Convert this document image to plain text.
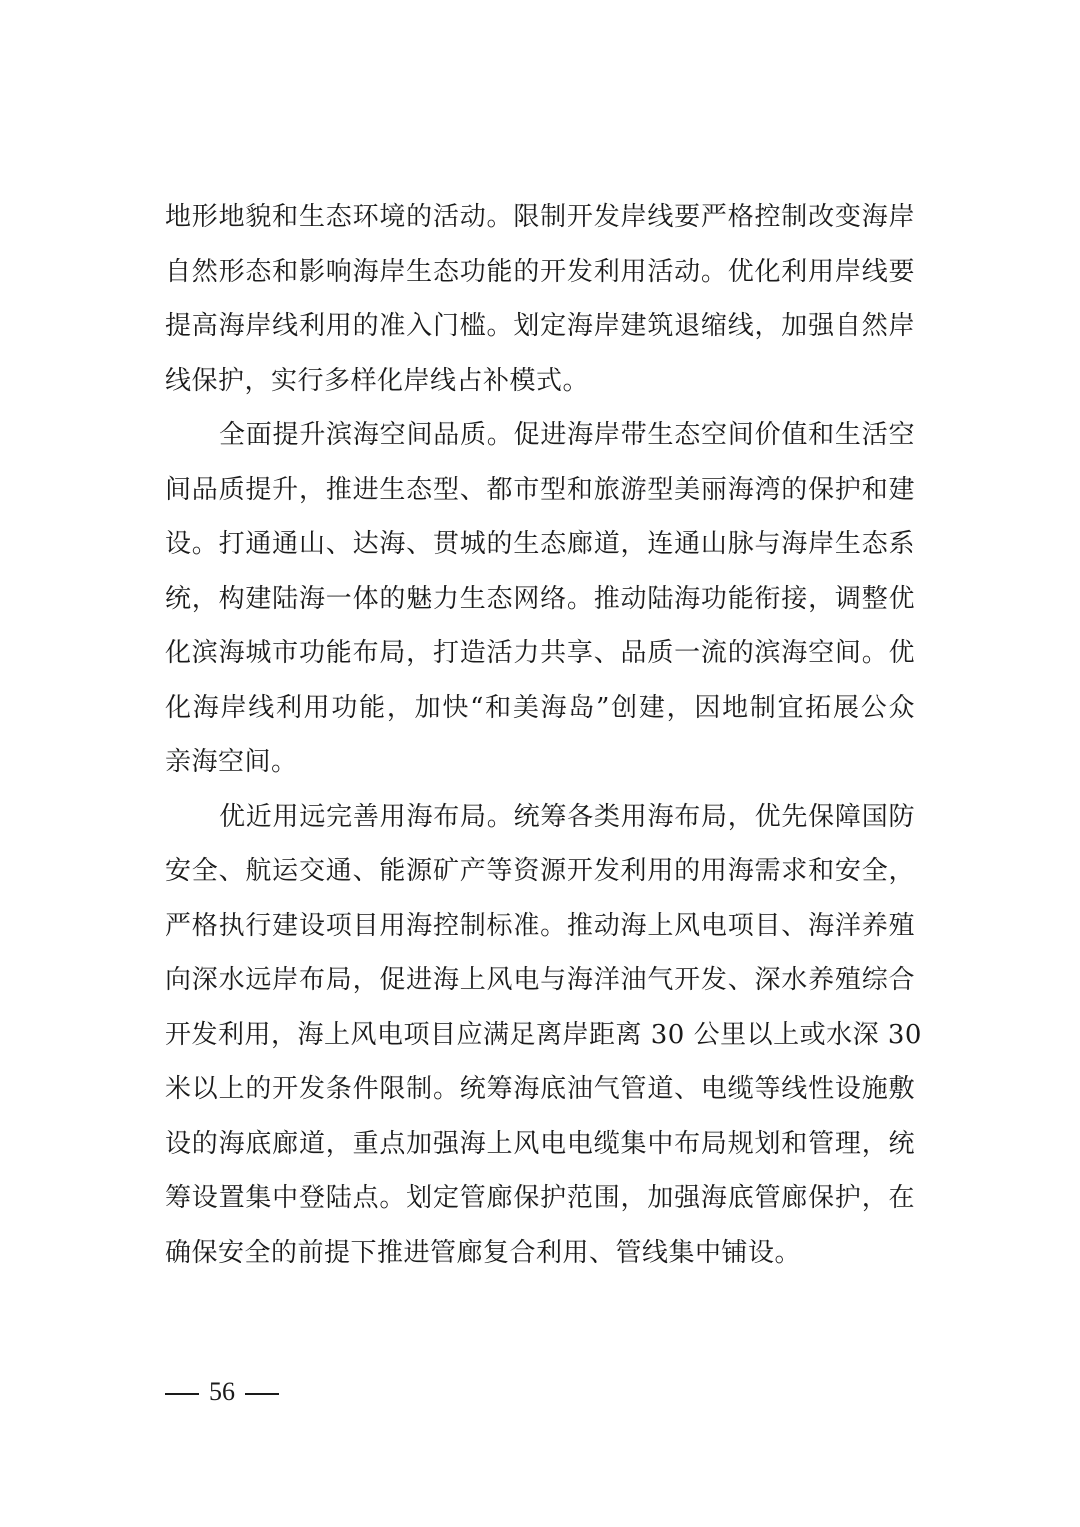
地形地貌和生态环境的活动。限制开发岸线要严格控制改变海岸
自然形态和影响海岸生态功能的开发利用活动。优化利用岸线要
提高海岸线利用的准入门槛。划定海岸建筑退缩线，加强自然岸
线保护，实行多样化岸线占补模式。
全面提升滨海空间品质。促进海岸带生态空间价值和生活空
间品质提升，推进生态型、都市型和旅游型美丽海湾的保护和建
设。打通通山、达海、贯城的生态廊道，连通山脉与海岸生态系
统，构建陆海一体的魅力生态网络。推动陆海功能衔接，调整优
化滨海城市功能布局，打造活力共享、品质一流的滨海空间。优
化海岸线利用功能，加快“和美海岛”创建，因地制宜拓展公众
亲海空间。
优近用远完善用海布局。统筹各类用海布局，优先保障国防
安全、航运交通、能源矿产等资源开发利用的用海需求和安全，
严格执行建设项目用海控制标准。推动海上风电项目、海洋养殖
向深水远岸布局，促进海上风电与海洋油气开发、深水养殖综合
开发利用，海上风电项目应满足离岸距离 30 公里以上或水深 30
米以上的开发条件限制。统筹海底油气管道、电缆等线性设施敷
设的海底廊道，重点加强海上风电电缆集中布局规划和管理，统
筹设置集中登陆点。划定管廊保护范围，加强海底管廊保护，在
确保安全的前提下推进管廊复合利用、管线集中铺设。
56
